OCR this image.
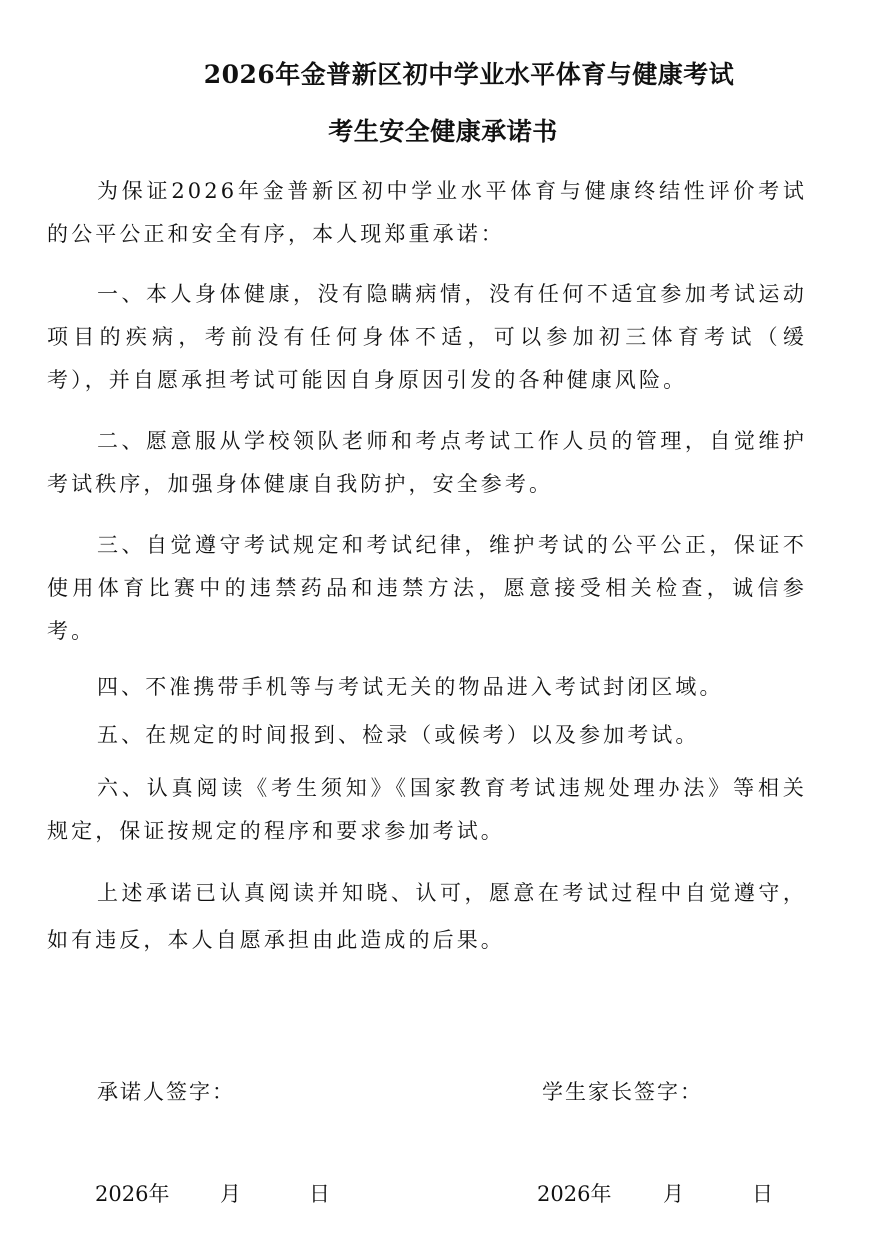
2026年金普新区初中学业水平体育与健康考试
考生安全健康承诺书

为保证2026年金普新区初中学业水平体育与健康终结性评价考试的公平公正和安全有序，本人现郑重承诺：

一、本人身体健康，没有隐瞒病情，没有任何不适宜参加考试运动项目的疾病，考前没有任何身体不适，可以参加初三体育考试（缓考），并自愿承担考试可能因自身原因引发的各种健康风险。

二、愿意服从学校领队老师和考点考试工作人员的管理，自觉维护考试秩序，加强身体健康自我防护，安全参考。

三、自觉遵守考试规定和考试纪律，维护考试的公平公正，保证不使用体育比赛中的违禁药品和违禁方法，愿意接受相关检查，诚信参考。

四、不准携带手机等与考试无关的物品进入考试封闭区域。

五、在规定的时间报到、检录（或候考）以及参加考试。

六、认真阅读《考生须知》《国家教育考试违规处理办法》等相关规定，保证按规定的程序和要求参加考试。

上述承诺已认真阅读并知晓、认可，愿意在考试过程中自觉遵守，如有违反，本人自愿承担由此造成的后果。

承诺人签字：	学生家长签字：
2026年 月	日	2026年 月	日
